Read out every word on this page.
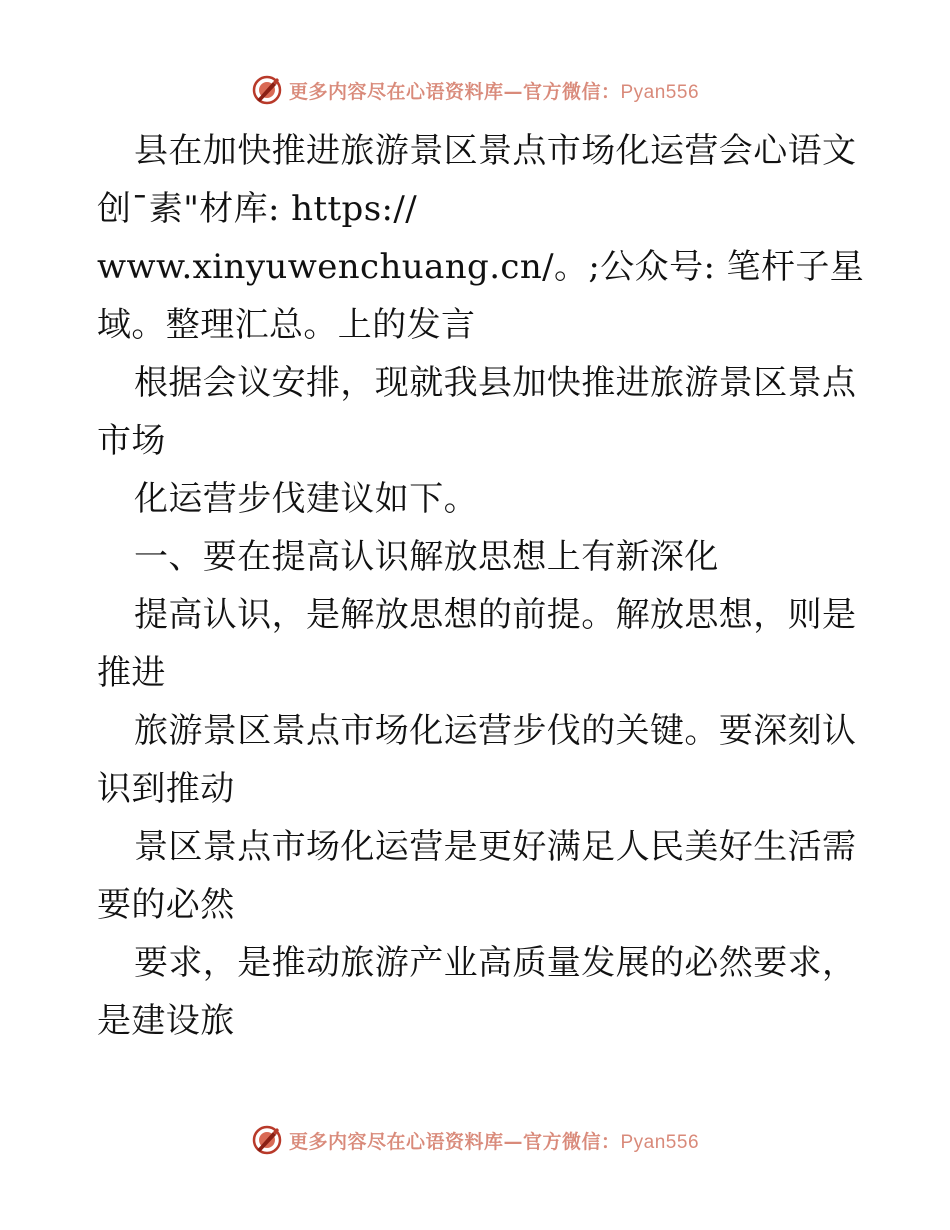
更多内容尽在心语资料库—官方微信：Pyan556

县在加快推进旅游景区景点市场化运营会心语文

创¯素"材库: https://

www.xinyuwenchuang.cn/。;公众号: 笔杆子星

域。整理汇总。上的发言

根据会议安排，现就我县加快推进旅游景区景点

市场

化运营步伐建议如下。

一、要在提高认识解放思想上有新深化

提高认识，是解放思想的前提。解放思想，则是

推进

旅游景区景点市场化运营步伐的关键。要深刻认

识到推动

景区景点市场化运营是更好满足人民美好生活需

要的必然

要求，是推动旅游产业高质量发展的必然要求，

是建设旅

更多内容尽在心语资料库—官方微信：Pyan556
